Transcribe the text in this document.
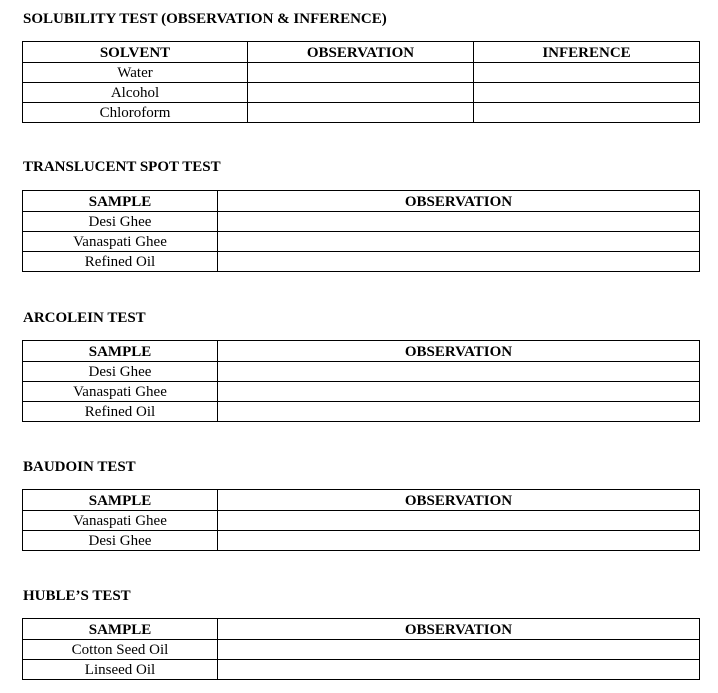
SOLUBILITY TEST (OBSERVATION & INFERENCE)
SOLVENT	OBSERVATION	INFERENCE
Water		
Alcohol		
Chloroform		
TRANSLUCENT SPOT TEST
SAMPLE	OBSERVATION
Desi Ghee	
Vanaspati Ghee	
Refined Oil	
ARCOLEIN TEST
SAMPLE	OBSERVATION
Desi Ghee	
Vanaspati Ghee	
Refined Oil	
BAUDOIN TEST
SAMPLE	OBSERVATION
Vanaspati Ghee	
Desi Ghee	
HUBLE’S TEST
SAMPLE	OBSERVATION
Cotton Seed Oil	
Linseed Oil	
